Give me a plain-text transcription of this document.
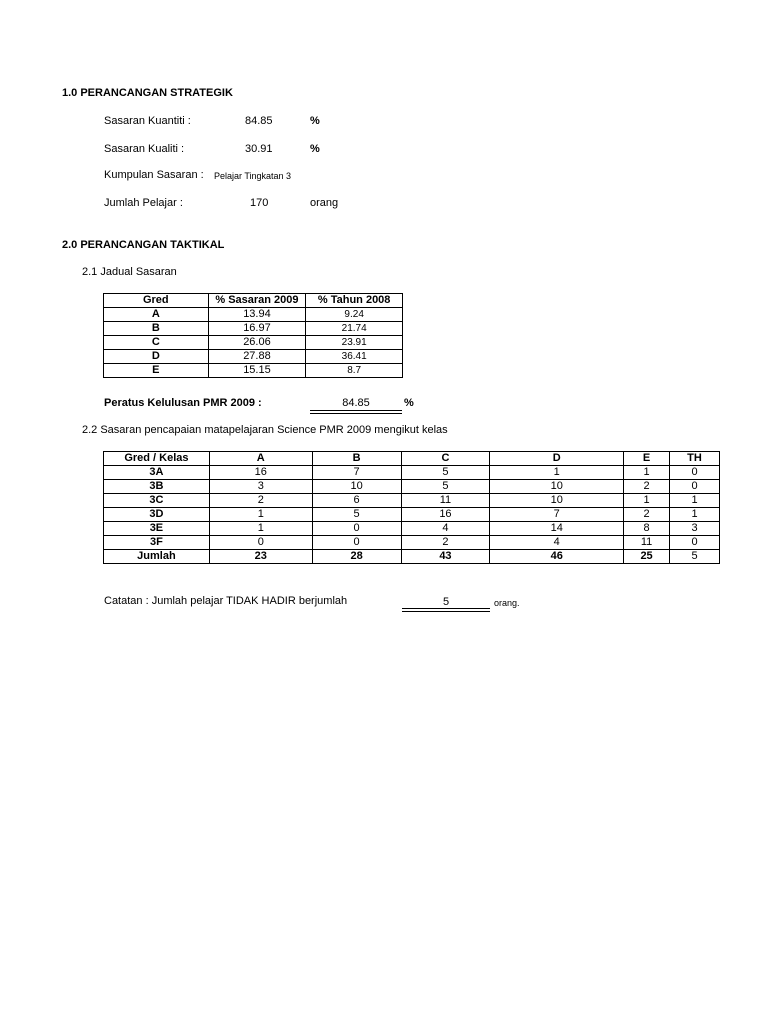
1.0 PERANCANGAN STRATEGIK
Sasaran Kuantiti :	84.85	%
Sasaran Kualiti :	30.91	%
Kumpulan Sasaran : Pelajar Tingkatan 3
Jumlah Pelajar :	170	orang
2.0 PERANCANGAN TAKTIKAL
2.1 Jadual Sasaran
Gred	% Sasaran 2009	% Tahun 2008
A	13.94	9.24
B	16.97	21.74
C	26.06	23.91
D	27.88	36.41
E	15.15	8.7
Peratus Kelulusan PMR 2009 :	84.85	%
2.2 Sasaran pencapaian matapelajaran Science PMR 2009 mengikut kelas
Gred / Kelas	A	B	C	D	E	TH
3A	16	7	5	1	1	0
3B	3	10	5	10	2	0
3C	2	6	11	10	1	1
3D	1	5	16	7	2	1
3E	1	0	4	14	8	3
3F	0	0	2	4	11	0
Jumlah	23	28	43	46	25	5
Catatan : Jumlah pelajar TIDAK HADIR berjumlah	5	orang.
